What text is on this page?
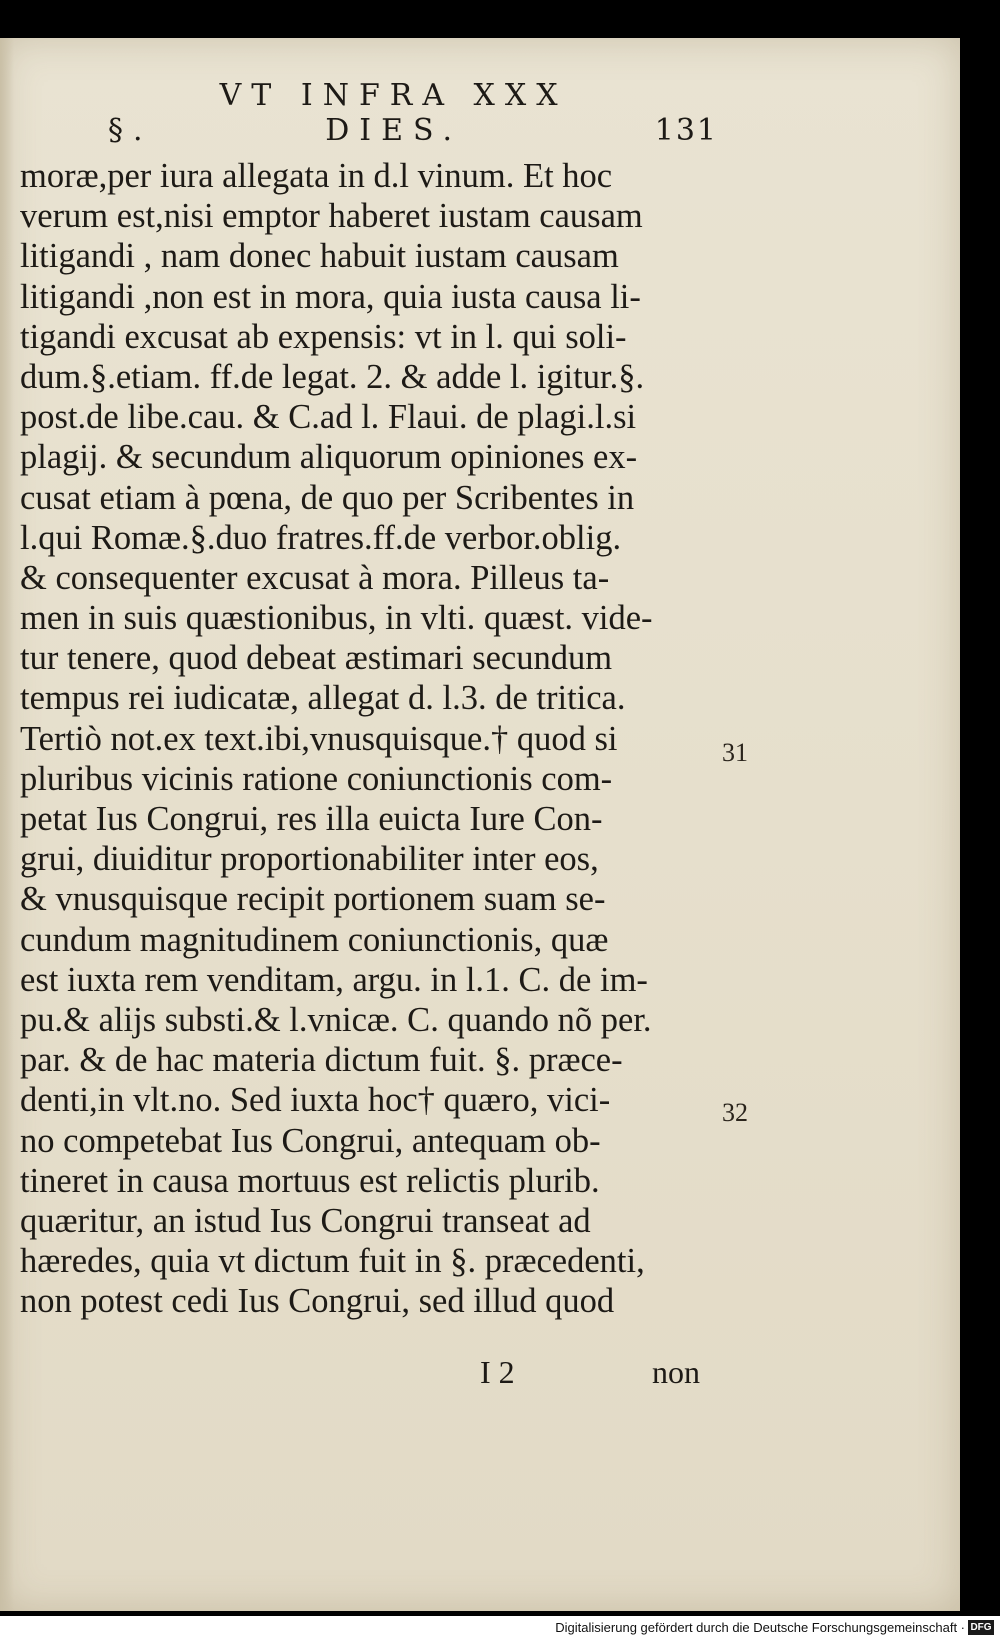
§.
VT INFRA XXX DIES.	131
moræ,per iura allegata in d.l vinum. Et hoc
verum est,nisi emptor haberet iustam causam
litigandi , nam donec habuit iustam causam
litigandi ,non est in mora, quia iusta causa li-
tigandi excusat ab expensis: vt in l. qui soli-
dum.§.etiam. ff.de legat. 2. & adde l. igitur.§.
post.de libe.cau. & C.ad l. Flaui. de plagi.l.si
plagij. & secundum aliquorum opiniones ex-
cusat etiam à pœna, de quo per Scribentes in
l.qui Romæ.§.duo fratres.ff.de verbor.oblig.
& consequenter excusat à mora. Pilleus ta-
men in suis quæstionibus, in vlti. quæst. vide-
tur tenere, quod debeat æstimari secundum
tempus rei iudicatæ, allegat d. l.3. de tritica.
Tertiò not.ex text.ibi,vnusquisque.† quod si
pluribus vicinis ratione coniunctionis com-
petat Ius Congrui, res illa euicta Iure Con-
grui, diuiditur proportionabiliter inter eos,
& vnusquisque recipit portionem suam se-
cundum magnitudinem coniunctionis, quæ
est iuxta rem venditam, argu. in l.1. C. de im-
pu.& alijs substi.& l.vnicæ. C. quando nõ per.
par. & de hac materia dictum fuit. §. præce-
denti,in vlt.no. Sed iuxta hoc† quæro, vici-
no competebat Ius Congrui, antequam ob-
tineret in causa mortuus est relictis plurib.
quæritur, an istud Ius Congrui transeat ad
hæredes, quia vt dictum fuit in §. præcedenti,
non potest cedi Ius Congrui, sed illud quod
31
32
I 2	non
Digitalisierung gefördert durch die Deutsche Forschungsgemeinschaft · DFG
